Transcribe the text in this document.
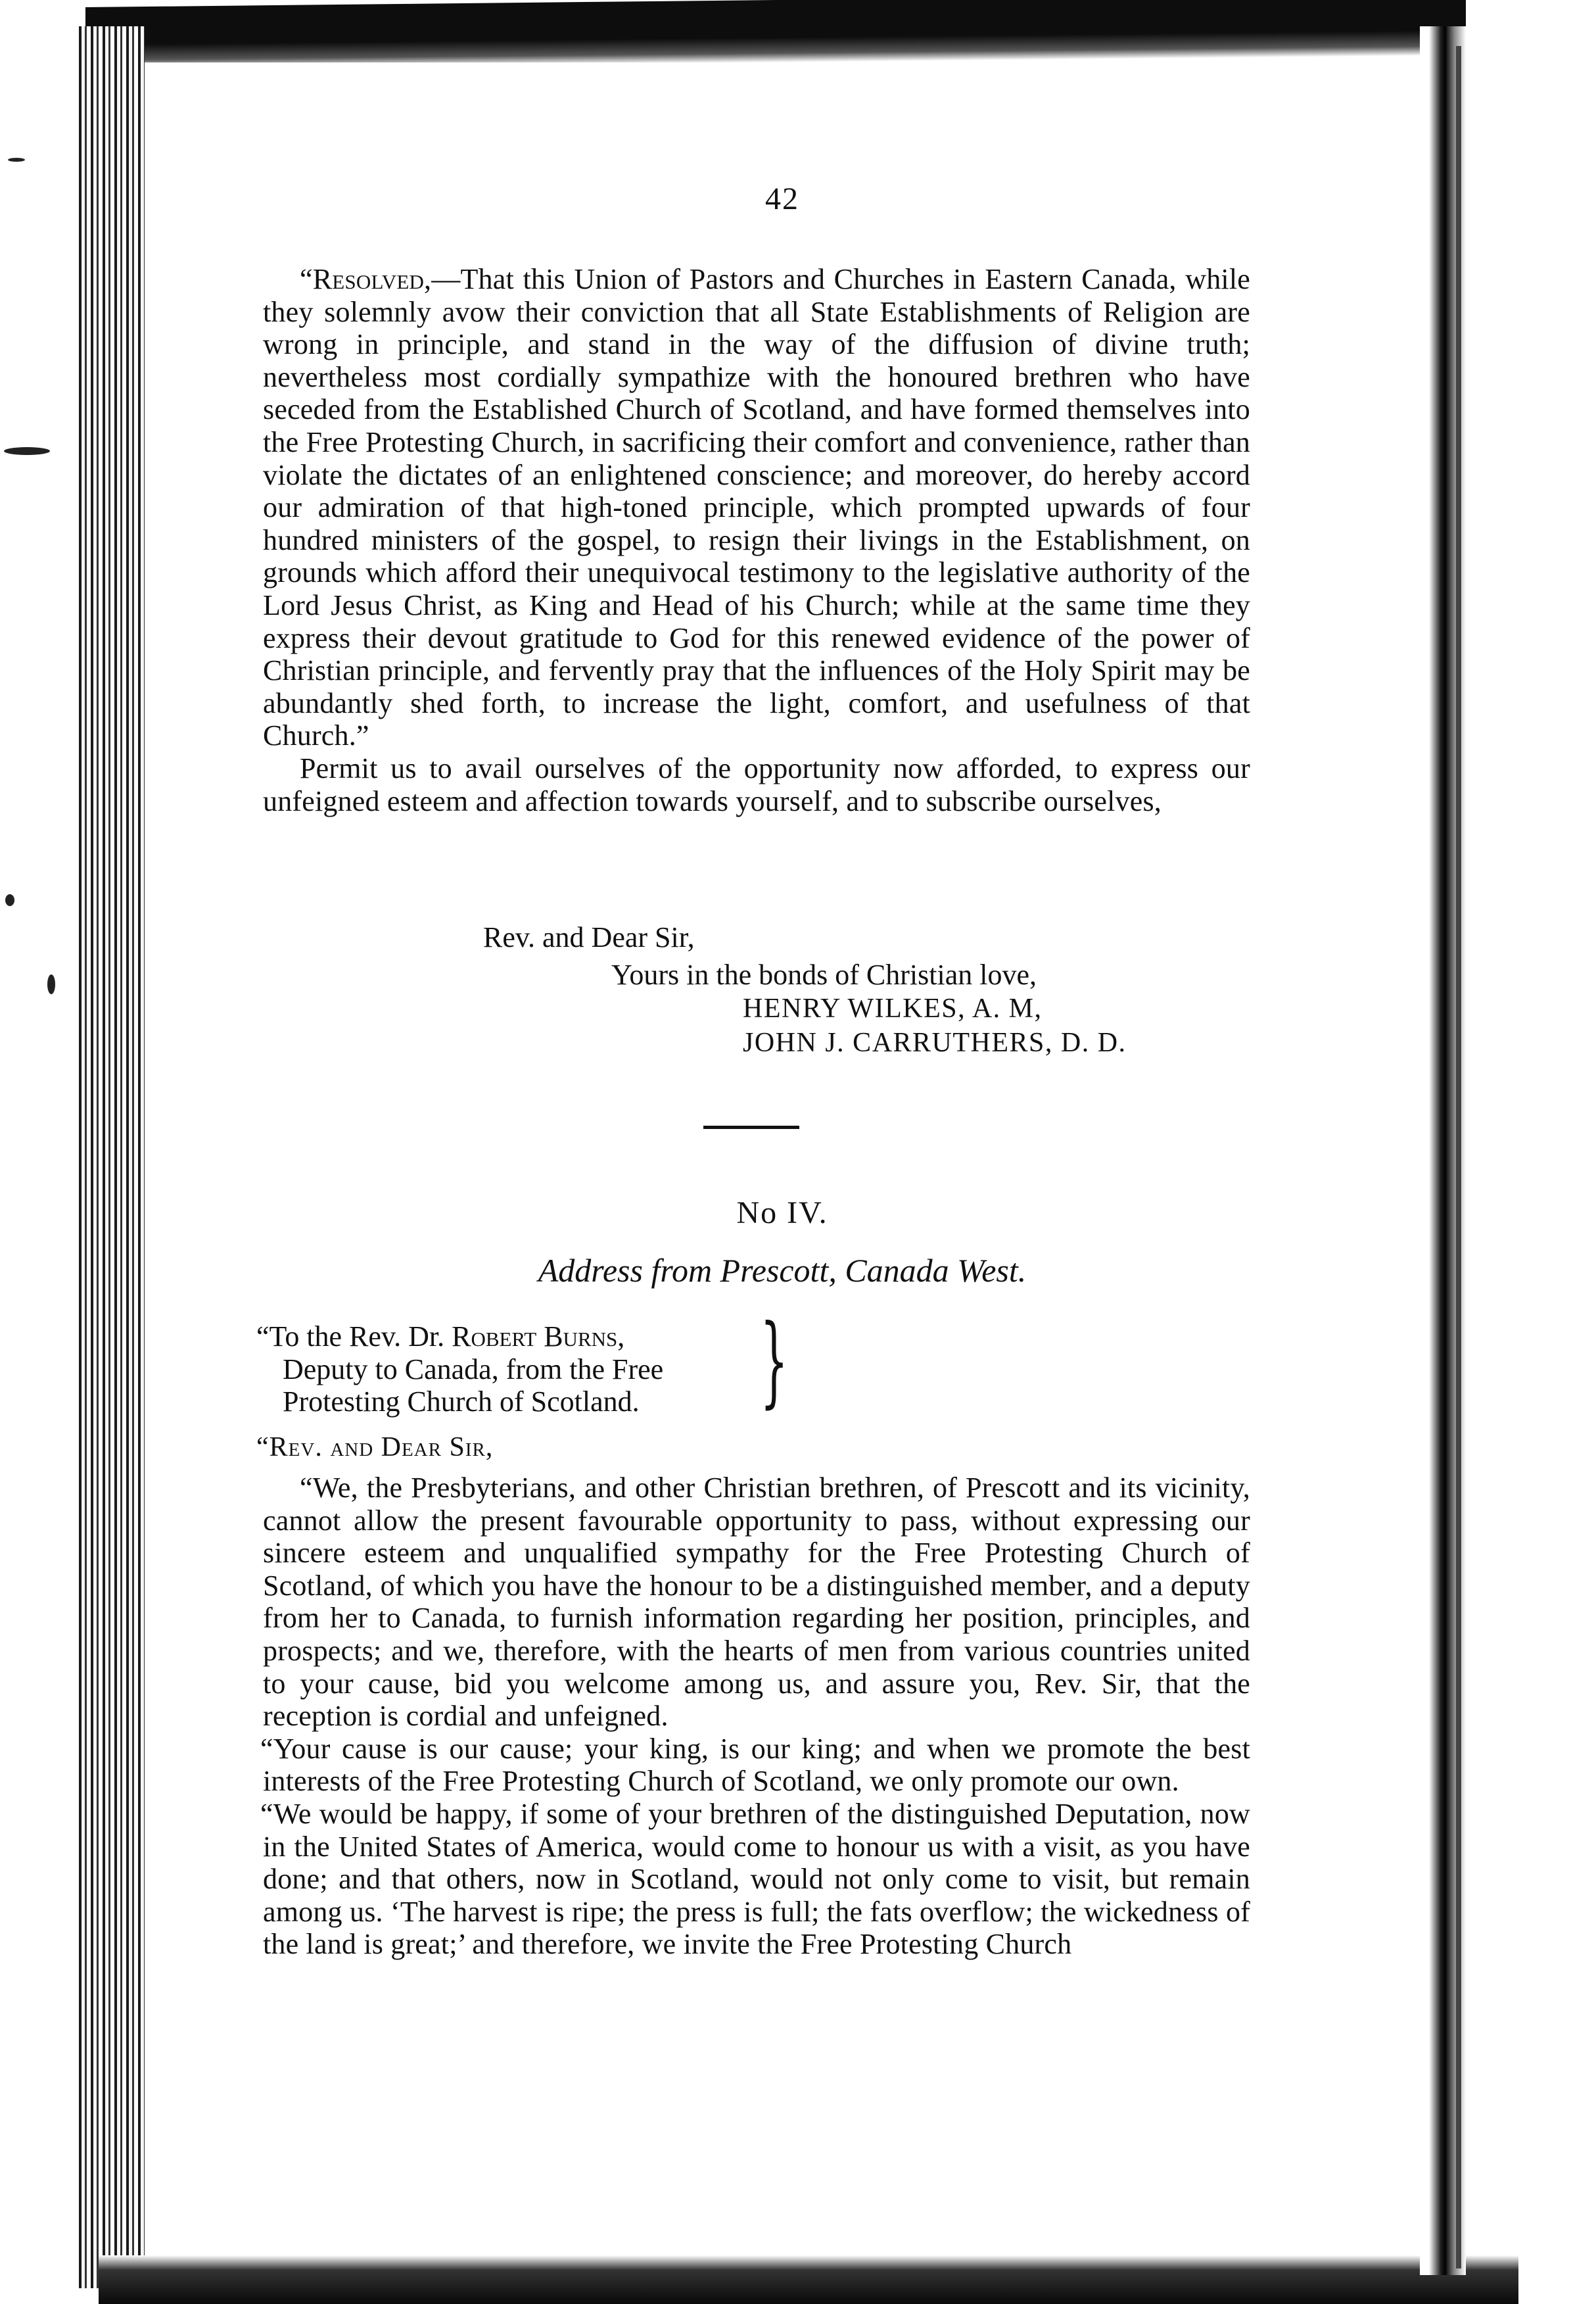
42

“Resolved,—That this Union of Pastors and Churches in Eastern Canada, while they solemnly avow their conviction that all State Establishments of Religion are wrong in principle, and stand in the way of the diffusion of divine truth; nevertheless most cordially sympathize with the honoured brethren who have seceded from the Established Church of Scotland, and have formed themselves into the Free Protesting Church, in sacrificing their comfort and convenience, rather than violate the dictates of an enlightened conscience; and moreover, do hereby accord our admiration of that high-toned principle, which prompted upwards of four hundred ministers of the gospel, to resign their livings in the Establishment, on grounds which afford their unequivocal testimony to the legislative authority of the Lord Jesus Christ, as King and Head of his Church; while at the same time they express their devout gratitude to God for this renewed evidence of the power of Christian principle, and fervently pray that the influences of the Holy Spirit may be abundantly shed forth, to increase the light, comfort, and usefulness of that Church.”

Permit us to avail ourselves of the opportunity now afforded, to express our unfeigned esteem and affection towards yourself, and to subscribe ourselves,

Rev. and Dear Sir,
Yours in the bonds of Christian love,
HENRY WILKES, A. M,
JOHN J. CARRUTHERS, D. D.
No IV.
Address from Prescott, Canada West.
“To the Rev. Dr. Robert Burns,
Deputy to Canada, from the Free
Protesting Church of Scotland. }
“Rev. and Dear Sir,

“We, the Presbyterians, and other Christian brethren, of Prescott and its vicinity, cannot allow the present favourable opportunity to pass, without expressing our sincere esteem and unqualified sympathy for the Free Protesting Church of Scotland, of which you have the honour to be a distinguished member, and a deputy from her to Canada, to furnish information regarding her position, principles, and prospects; and we, therefore, with the hearts of men from various countries united to your cause, bid you welcome among us, and assure you, Rev. Sir, that the reception is cordial and unfeigned.

“Your cause is our cause; your king, is our king; and when we promote the best interests of the Free Protesting Church of Scotland, we only promote our own.

“We would be happy, if some of your brethren of the distinguished Deputation, now in the United States of America, would come to honour us with a visit, as you have done; and that others, now in Scotland, would not only come to visit, but remain among us. ‘The harvest is ripe; the press is full; the fats overflow; the wickedness of the land is great;’ and therefore, we invite the Free Protesting Church
